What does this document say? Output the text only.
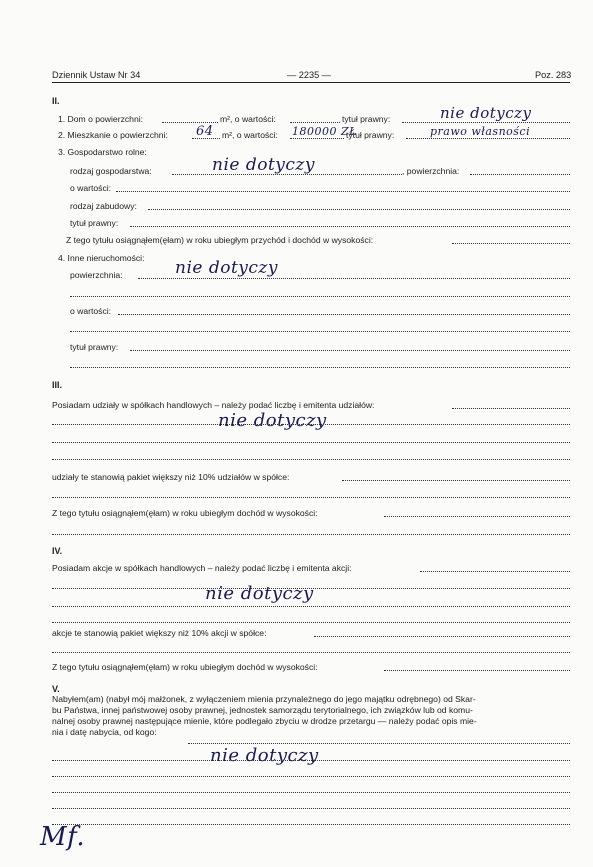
Dziennik Ustaw Nr 34	— 2235 —	Poz. 283
II.
1. Dom o powierzchni:	m², o wartości:	tytuł prawny:	nie dotyczy
2. Mieszkanie o powierzchni: 64 m², o wartości: 180000 ZŁ
tytuł prawny:	prawo własności
3. Gospodarstwo rolne:
rodzaj gospodarstwa:	nie dotyczy	, powierzchnia:
o wartości:
rodzaj zabudowy:
tytuł prawny:
Z tego tytułu osiągnąłem(ęłam) w roku ubiegłym przychód i dochód w wysokości:
4. Inne nieruchomości:
powierzchnia:	nie dotyczy
o wartości:
tytuł prawny:
III.
Posiadam udziały w spółkach handlowych – należy podać liczbę i emitenta udziałów:
nie dotyczy
udziały te stanowią pakiet większy niż 10% udziałów w spółce:
Z tego tytułu osiągnąłem(ęłam) w roku ubiegłym dochód w wysokości:
IV.
Posiadam akcje w spółkach handlowych – należy podać liczbę i emitenta akcji:
nie dotyczy
akcje te stanowią pakiet większy niż 10% akcji w spółce:
Z tego tytułu osiągnąłem(ęłam) w roku ubiegłym dochód w wysokości:
V.
Nabyłem(am) (nabył mój małżonek, z wyłączeniem mienia przynależnego do jego majątku odrębnego) od Skar-
bu Państwa, innej państwowej osoby prawnej, jednostek samorządu terytorialnego, ich związków lub od komu-
nalnej osoby prawnej następujące mienie, które podlegało zbyciu w drodze przetargu — należy podać opis mie-
nia i datę nabycia, od kogo:
nie dotyczy
Mf.
